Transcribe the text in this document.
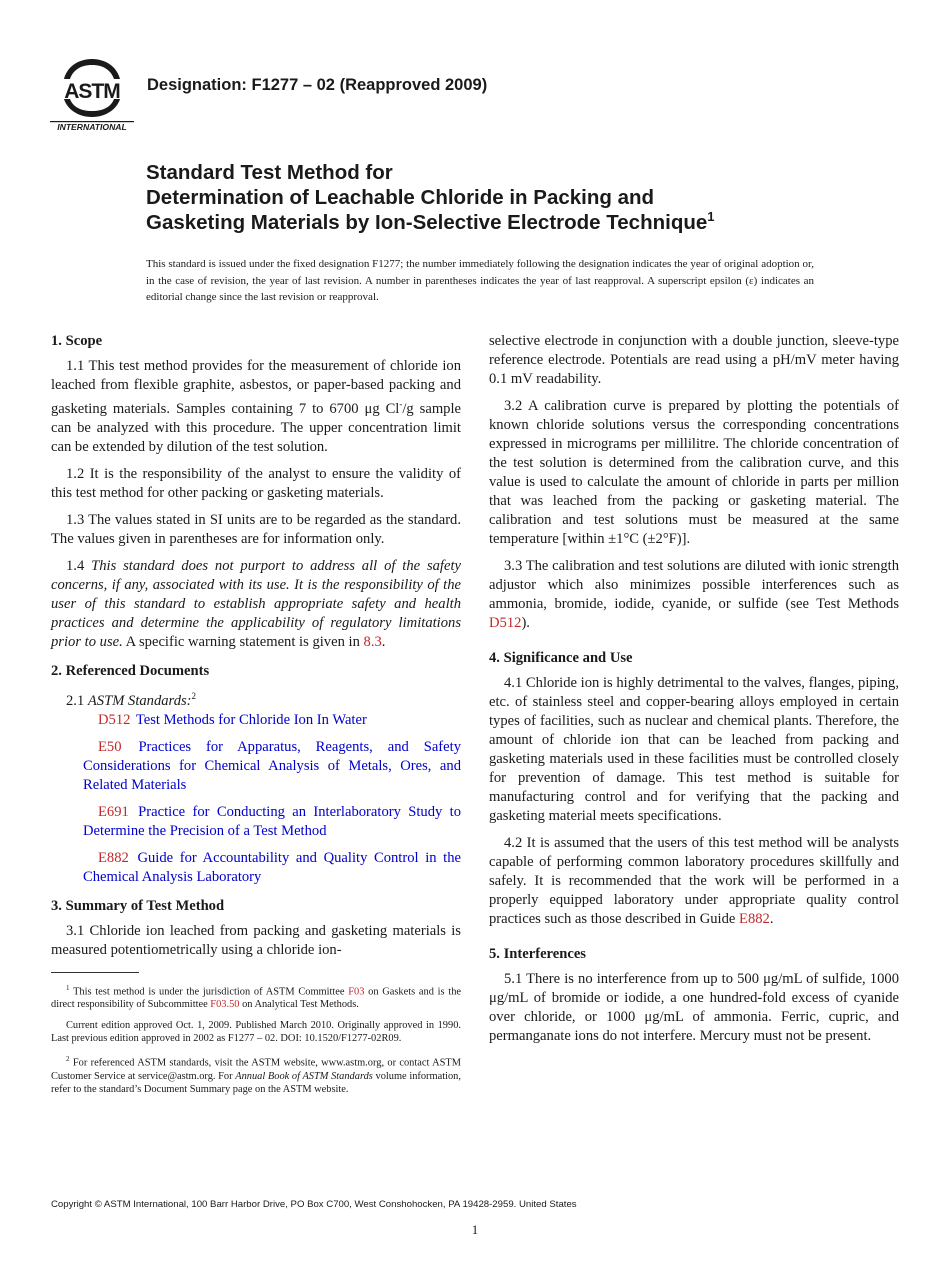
ASTM
INTERNATIONAL
Designation: F1277 – 02 (Reapproved 2009)
Standard Test Method for
Determination of Leachable Chloride in Packing and
Gasketing Materials by Ion-Selective Electrode Technique$^1$
This standard is issued under the fixed designation F1277; the number immediately following the designation indicates the year of original adoption or, in the case of revision, the year of last revision. A number in parentheses indicates the year of last reapproval. A superscript epsilon (ε) indicates an editorial change since the last revision or reapproval.
1. Scope

1.1 This test method provides for the measurement of chloride ion leached from flexible graphite, asbestos, or paper-based packing and gasketing materials. Samples containing 7 to 6700 μg Cl-/g sample can be analyzed with this procedure. The upper concentration limit can be extended by dilution of the test solution.

1.2 It is the responsibility of the analyst to ensure the validity of this test method for other packing or gasketing materials.

1.3 The values stated in SI units are to be regarded as the standard. The values given in parentheses are for information only.

1.4 This standard does not purport to address all of the safety concerns, if any, associated with its use. It is the responsibility of the user of this standard to establish appropriate safety and health practices and determine the applicability of regulatory limitations prior to use. A specific warning statement is given in 8.3.

2. Referenced Documents

2.1 ASTM Standards:$^2$

D512 Test Methods for Chloride Ion In Water

E50 Practices for Apparatus, Reagents, and Safety Considerations for Chemical Analysis of Metals, Ores, and Related Materials

E691 Practice for Conducting an Interlaboratory Study to Determine the Precision of a Test Method

E882 Guide for Accountability and Quality Control in the Chemical Analysis Laboratory

3. Summary of Test Method

3.1 Chloride ion leached from packing and gasketing materials is measured potentiometrically using a chloride ion-

$^1$ This test method is under the jurisdiction of ASTM Committee F03 on Gaskets and is the direct responsibility of Subcommittee F03.50 on Analytical Test Methods.

Current edition approved Oct. 1, 2009. Published March 2010. Originally approved in 1990. Last previous edition approved in 2002 as F1277 – 02. DOI: 10.1520/F1277-02R09.

$^2$ For referenced ASTM standards, visit the ASTM website, www.astm.org, or contact ASTM Customer Service at service@astm.org. For Annual Book of ASTM Standards volume information, refer to the standard’s Document Summary page on the ASTM website.

selective electrode in conjunction with a double junction, sleeve-type reference electrode. Potentials are read using a pH/mV meter having 0.1 mV readability.

3.2 A calibration curve is prepared by plotting the potentials of known chloride solutions versus the corresponding concentrations expressed in micrograms per millilitre. The chloride concentration of the test solution is determined from the calibration curve, and this value is used to calculate the amount of chloride in parts per million that was leached from the packing or gasketing material. The calibration and test solutions must be measured at the same temperature [within ±1°C (±2°F)].

3.3 The calibration and test solutions are diluted with ionic strength adjustor which also minimizes possible interferences such as ammonia, bromide, iodide, cyanide, or sulfide (see Test Methods D512).

4. Significance and Use

4.1 Chloride ion is highly detrimental to the valves, flanges, piping, etc. of stainless steel and copper-bearing alloys employed in certain types of facilities, such as nuclear and chemical plants. Therefore, the amount of chloride ion that can be leached from packing and gasketing materials used in these facilities must be controlled closely for prevention of damage. This test method is suitable for manufacturing control and for verifying that the packing and gasketing material meets specifications.

4.2 It is assumed that the users of this test method will be analysts capable of performing common laboratory procedures skillfully and safely. It is recommended that the work will be performed in a properly equipped laboratory under appropriate quality control practices such as those described in Guide E882.

5. Interferences

5.1 There is no interference from up to 500 μg/mL of sulfide, 1000 μg/mL of bromide or iodide, a one hundred-fold excess of cyanide over chloride, or 1000 μg/mL of ammonia. Ferric, cupric, and permanganate ions do not interfere. Mercury must not be present.

Copyright © ASTM International, 100 Barr Harbor Drive, PO Box C700, West Conshohocken, PA 19428-2959. United States
1
